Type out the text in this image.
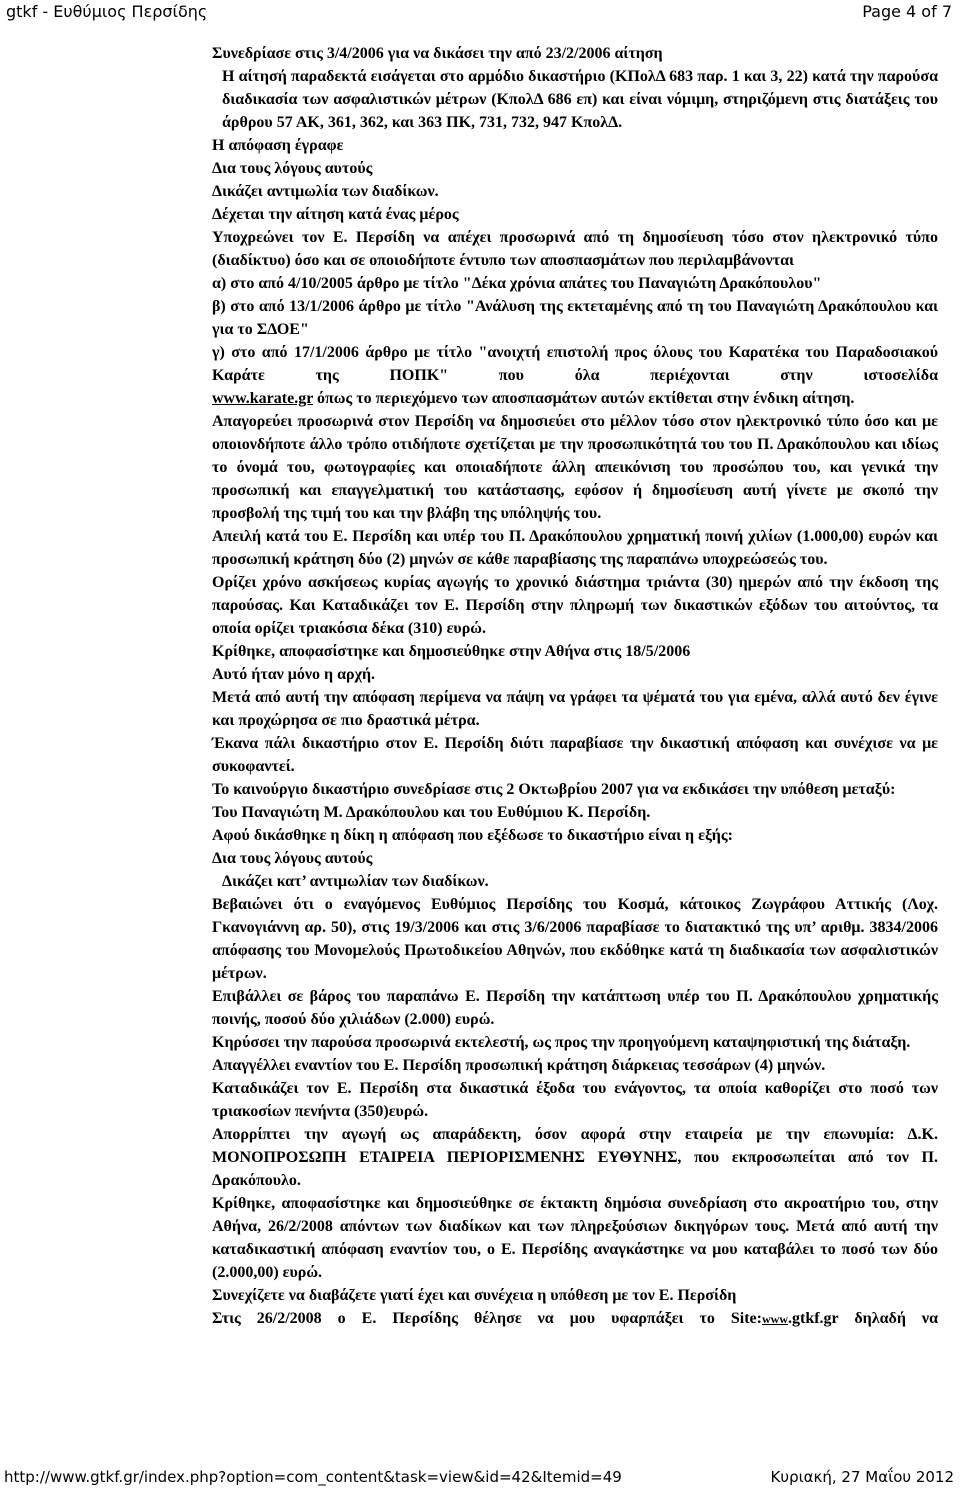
gtkf - Ευθύμιος Περσίδης	Page 4 of 7

Συνεδρίασε στις 3/4/2006 για να δικάσει την από 23/2/2006 αίτηση

Η αίτησή παραδεκτά εισάγεται στο αρμόδιο δικαστήριο (ΚΠολΔ 683 παρ. 1 και 3, 22) κατά την παρούσα διαδικασία των ασφαλιστικών μέτρων (ΚπολΔ 686 επ) και είναι νόμιμη, στηριζόμενη στις διατάξεις του άρθρου 57 ΑΚ, 361, 362, και 363 ΠΚ, 731, 732, 947 ΚπολΔ.

Η απόφαση έγραφε

Δια τους λόγους αυτούς

Δικάζει αντιμωλία των διαδίκων.

Δέχεται την αίτηση κατά ένας μέρος

Υποχρεώνει τον Ε. Περσίδη να απέχει προσωρινά από τη δημοσίευση τόσο στον ηλεκτρονικό τύπο (διαδίκτυο) όσο και σε οποιοδήποτε έντυπο των αποσπασμάτων που περιλαμβάνονται

α) στο από 4/10/2005 άρθρο με τίτλο "Δέκα χρόνια απάτες του Παναγιώτη Δρακόπουλου"

β) στο από 13/1/2006 άρθρο με τίτλο "Ανάλυση της εκτεταμένης από τη του Παναγιώτη Δρακόπουλου και για το ΣΔΟΕ"

γ) στο από 17/1/2006 άρθρο με τίτλο "ανοιχτή επιστολή προς όλους του Καρατέκα του Παραδοσιακού Καράτε της ΠΟΠΚ" που όλα περιέχονται στην ιστοσελίδα

www.karate.gr όπως το περιεχόμενο των αποσπασμάτων αυτών εκτίθεται στην ένδικη αίτηση.

Απαγορεύει προσωρινά στον Περσίδη να δημοσιεύει στο μέλλον τόσο στον ηλεκτρονικό τύπο όσο και με οποιονδήποτε άλλο τρόπο οτιδήποτε σχετίζεται με την προσωπικότητά του του Π. Δρακόπουλου και ιδίως το όνομά του, φωτογραφίες και οποιαδήποτε άλλη απεικόνιση του προσώπου του, και γενικά την προσωπική και επαγγελματική του κατάστασης, εφόσον ή δημοσίευση αυτή γίνετε με σκοπό την προσβολή της τιμή του και την βλάβη της υπόληψής του.

Απειλή κατά του Ε. Περσίδη και υπέρ του Π. Δρακόπουλου χρηματική ποινή χιλίων (1.000,00) ευρών και προσωπική κράτηση δύο (2) μηνών σε κάθε παραβίασης της παραπάνω υποχρεώσεώς του.

Ορίζει χρόνο ασκήσεως κυρίας αγωγής το χρονικό διάστημα τριάντα (30) ημερών από την έκδοση της παρούσας. Και Καταδικάζει τον Ε. Περσίδη στην πληρωμή των δικαστικών εξόδων του αιτούντος, τα οποία ορίζει τριακόσια δέκα (310) ευρώ.

Κρίθηκε, αποφασίστηκε και δημοσιεύθηκε στην Αθήνα στις 18/5/2006

Αυτό ήταν μόνο η αρχή.

Μετά από αυτή την απόφαση περίμενα να πάψη να γράφει τα ψέματά του για εμένα, αλλά αυτό δεν έγινε και προχώρησα σε πιο δραστικά μέτρα.

Έκανα πάλι δικαστήριο στον Ε. Περσίδη διότι παραβίασε την δικαστική απόφαση και συνέχισε να με συκοφαντεί.

Το καινούργιο δικαστήριο συνεδρίασε στις 2 Οκτωβρίου 2007 για να εκδικάσει την υπόθεση μεταξύ:

Του Παναγιώτη Μ. Δρακόπουλου και του Ευθύμιου Κ. Περσίδη.

Αφού δικάσθηκε η δίκη η απόφαση που εξέδωσε το δικαστήριο είναι η εξής:

Δια τους λόγους αυτούς

Δικάζει κατ’ αντιμωλίαν των διαδίκων.

Βεβαιώνει ότι ο εναγόμενος Ευθύμιος Περσίδης του Κοσμά, κάτοικος Ζωγράφου Αττικής (Λοχ. Γκανογιάννη αρ. 50), στις 19/3/2006 και στις 3/6/2006 παραβίασε το διατακτικό της υπ’ αριθμ. 3834/2006 απόφασης του Μονομελούς Πρωτοδικείου Αθηνών, που εκδόθηκε κατά τη διαδικασία των ασφαλιστικών μέτρων.

Επιβάλλει σε βάρος του παραπάνω Ε. Περσίδη την κατάπτωση υπέρ του Π. Δρακόπουλου χρηματικής ποινής, ποσού δύο χιλιάδων (2.000) ευρώ.

Κηρύσσει την παρούσα προσωρινά εκτελεστή, ως προς την προηγούμενη καταψηφιστική της διάταξη.

Απαγγέλλει εναντίον του Ε. Περσίδη προσωπική κράτηση διάρκειας τεσσάρων (4) μηνών.

Καταδικάζει τον Ε. Περσίδη στα δικαστικά έξοδα του ενάγοντος, τα οποία καθορίζει στο ποσό των τριακοσίων πενήντα (350)ευρώ.

Απορρίπτει την αγωγή ως απαράδεκτη, όσον αφορά στην εταιρεία με την επωνυμία: Δ.Κ. ΜΟΝΟΠΡΟΣΩΠΗ ΕΤΑΙΡΕΙΑ ΠΕΡΙΟΡΙΣΜΕΝΗΣ ΕΥΘΥΝΗΣ, που εκπροσωπείται από τον Π. Δρακόπουλο.

Κρίθηκε, αποφασίστηκε και δημοσιεύθηκε σε έκτακτη δημόσια συνεδρίαση στο ακροατήριο του, στην Αθήνα, 26/2/2008 απόντων των διαδίκων και των πληρεξούσιων δικηγόρων τους. Μετά από αυτή την καταδικαστική απόφαση εναντίον του, ο Ε. Περσίδης αναγκάστηκε να μου καταβάλει το ποσό των δύο (2.000,00) ευρώ.

Συνεχίζετε να διαβάζετε γιατί έχει και συνέχεια η υπόθεση με τον Ε. Περσίδη

Στις 26/2/2008 ο Ε. Περσίδης θέλησε να μου υφαρπάξει το Site:www.gtkf.gr δηλαδή να

http://www.gtkf.gr/index.php?option=com_content&task=view&id=42&Itemid=49	Κυριακή, 27 Μαΐου 2012
